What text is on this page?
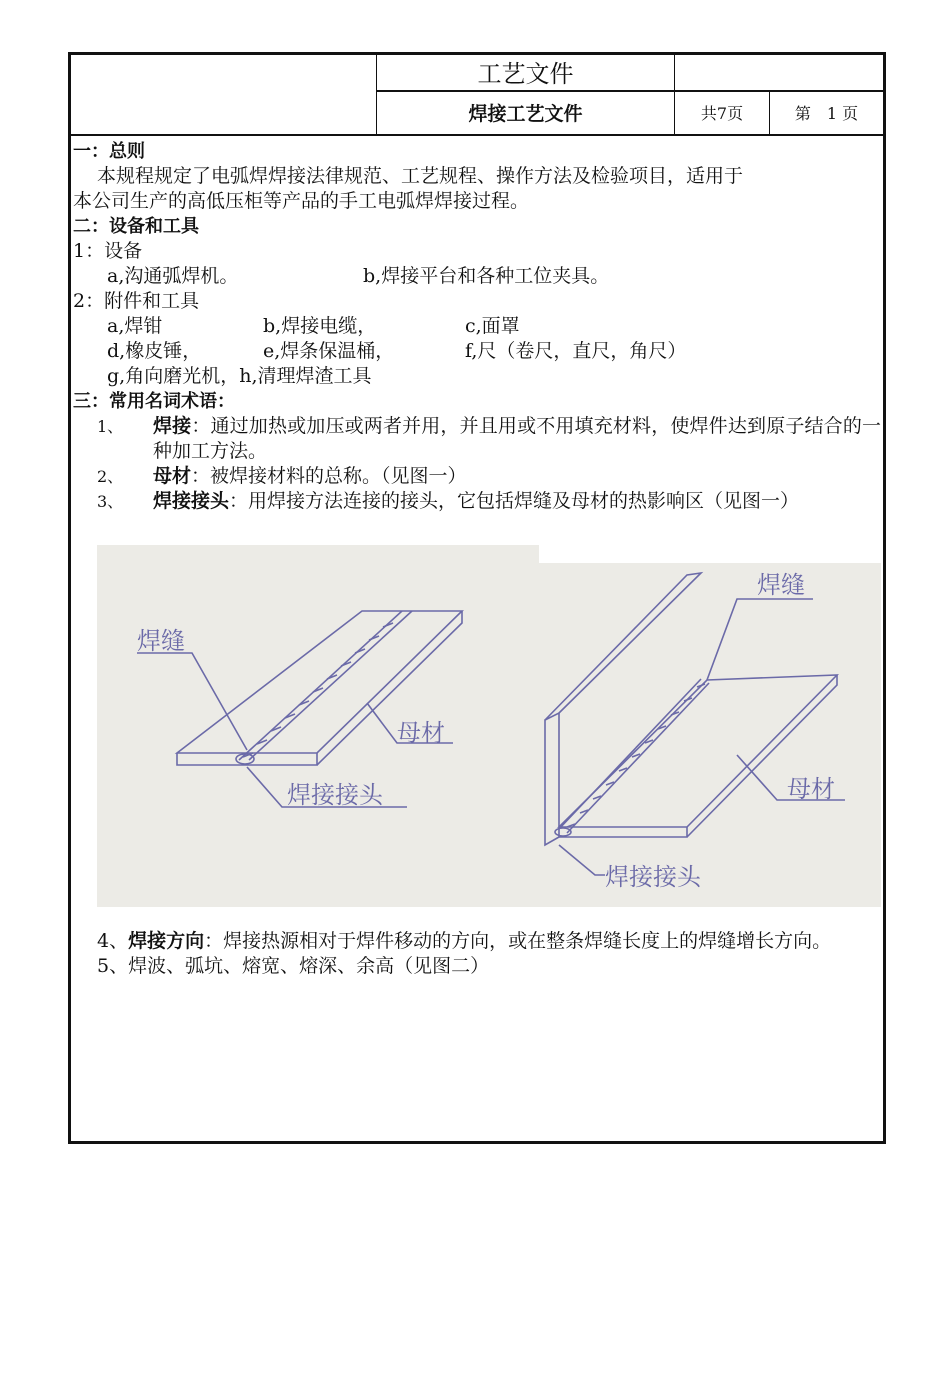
工艺文件
焊接工艺文件	共7页	第　1 页
一：总则
本规程规定了电弧焊焊接法律规范、工艺规程、操作方法及检验项目，适用于
本公司生产的高低压柜等产品的手工电弧焊焊接过程。
二：设备和工具
1：设备
a,沟通弧焊机。	b,焊接平台和各种工位夹具。
2：附件和工具
a,焊钳	b,焊接电缆，	c,面罩
d,橡皮锤，	e,焊条保温桶，	f,尺（卷尺，直尺，角尺）
g,角向磨光机，h,清理焊渣工具
三：常用名词术语：
1、	焊接：通过加热或加压或两者并用，并且用或不用填充材料，使焊件达到原子结合的一种加工方法。
2、	母材：被焊接材料的总称。（见图一）
3、	焊接接头：用焊接方法连接的接头，它包括焊缝及母材的热影响区（见图一）
焊缝
母材
焊接接头
焊缝
母材
焊接接头
4、 焊接方向：焊接热源相对于焊件移动的方向，或在整条焊缝长度上的焊缝增长方向。
5、 焊波、弧坑、熔宽、熔深、余高（见图二）
